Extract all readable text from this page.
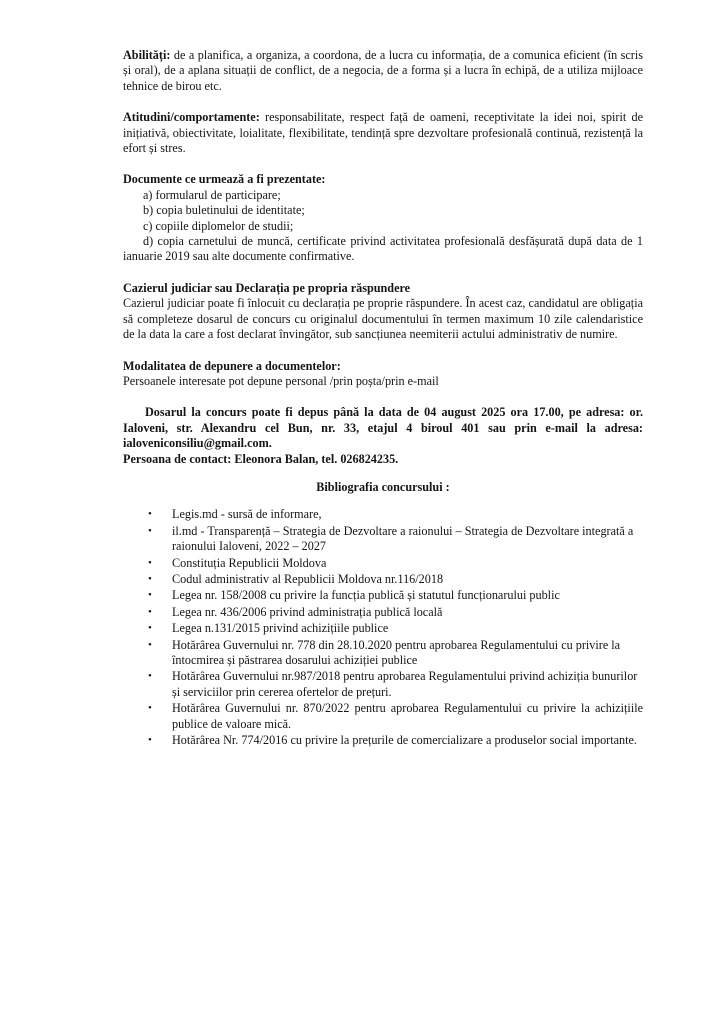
Abilități: de a planifica, a organiza, a coordona, de a lucra cu informația, de a comunica eficient (în scris și oral), de a aplana situații de conflict, de a negocia, de a forma și a lucra în echipă, de a utiliza mijloace tehnice de birou etc.

Atitudini/comportamente: responsabilitate, respect față de oameni, receptivitate la idei noi, spirit de inițiativă, obiectivitate, loialitate, flexibilitate, tendință spre dezvoltare profesională continuă, rezistență la efort și stres.

Documente ce urmează a fi prezentate:

a) formularul de participare;

b) copia buletinului de identitate;

c) copiile diplomelor de studii;

d) copia carnetului de muncă, certificate privind activitatea profesională desfășurată după data de 1 ianuarie 2019 sau alte documente confirmative.

Cazierul judiciar sau Declarația pe propria răspundere

Cazierul judiciar poate fi înlocuit cu declarația pe proprie răspundere. În acest caz, candidatul are obligația să completeze dosarul de concurs cu originalul documentului în termen maximum 10 zile calendaristice de la data la care a fost declarat învingător, sub sancțiunea neemiterii actului administrativ de numire.

Modalitatea de depunere a documentelor:

Persoanele interesate pot depune personal /prin poșta/prin e-mail

Dosarul la concurs poate fi depus până la data de 04 august 2025 ora 17.00, pe adresa: or. Ialoveni, str. Alexandru cel Bun, nr. 33, etajul 4 biroul 401 sau prin e-mail la adresa: ialoveniconsiliu@gmail.com.

Persoana de contact: Eleonora Balan, tel. 026824235.

Bibliografia concursului :

• Legis.md - sursă de informare,
• il.md - Transparență – Strategia de Dezvoltare a raionului – Strategia de Dezvoltare integrată a raionului Ialoveni, 2022 – 2027
• Constituția Republicii Moldova
• Codul administrativ al Republicii Moldova nr.116/2018
• Legea nr. 158/2008 cu privire la funcția publică și statutul funcționarului public
• Legea nr. 436/2006 privind administrația publică locală
• Legea n.131/2015 privind achizițiile publice
• Hotărârea Guvernului nr. 778 din 28.10.2020 pentru aprobarea Regulamentului cu privire la întocmirea și păstrarea dosarului achiziției publice
• Hotărârea Guvernului nr.987/2018 pentru aprobarea Regulamentului privind achiziția bunurilor și serviciilor prin cererea ofertelor de prețuri.
• Hotărârea Guvernului nr. 870/2022 pentru aprobarea Regulamentului cu privire la achizițiile publice de valoare mică.
• Hotărârea Nr. 774/2016 cu privire la prețurile de comercializare a produselor social importante.
